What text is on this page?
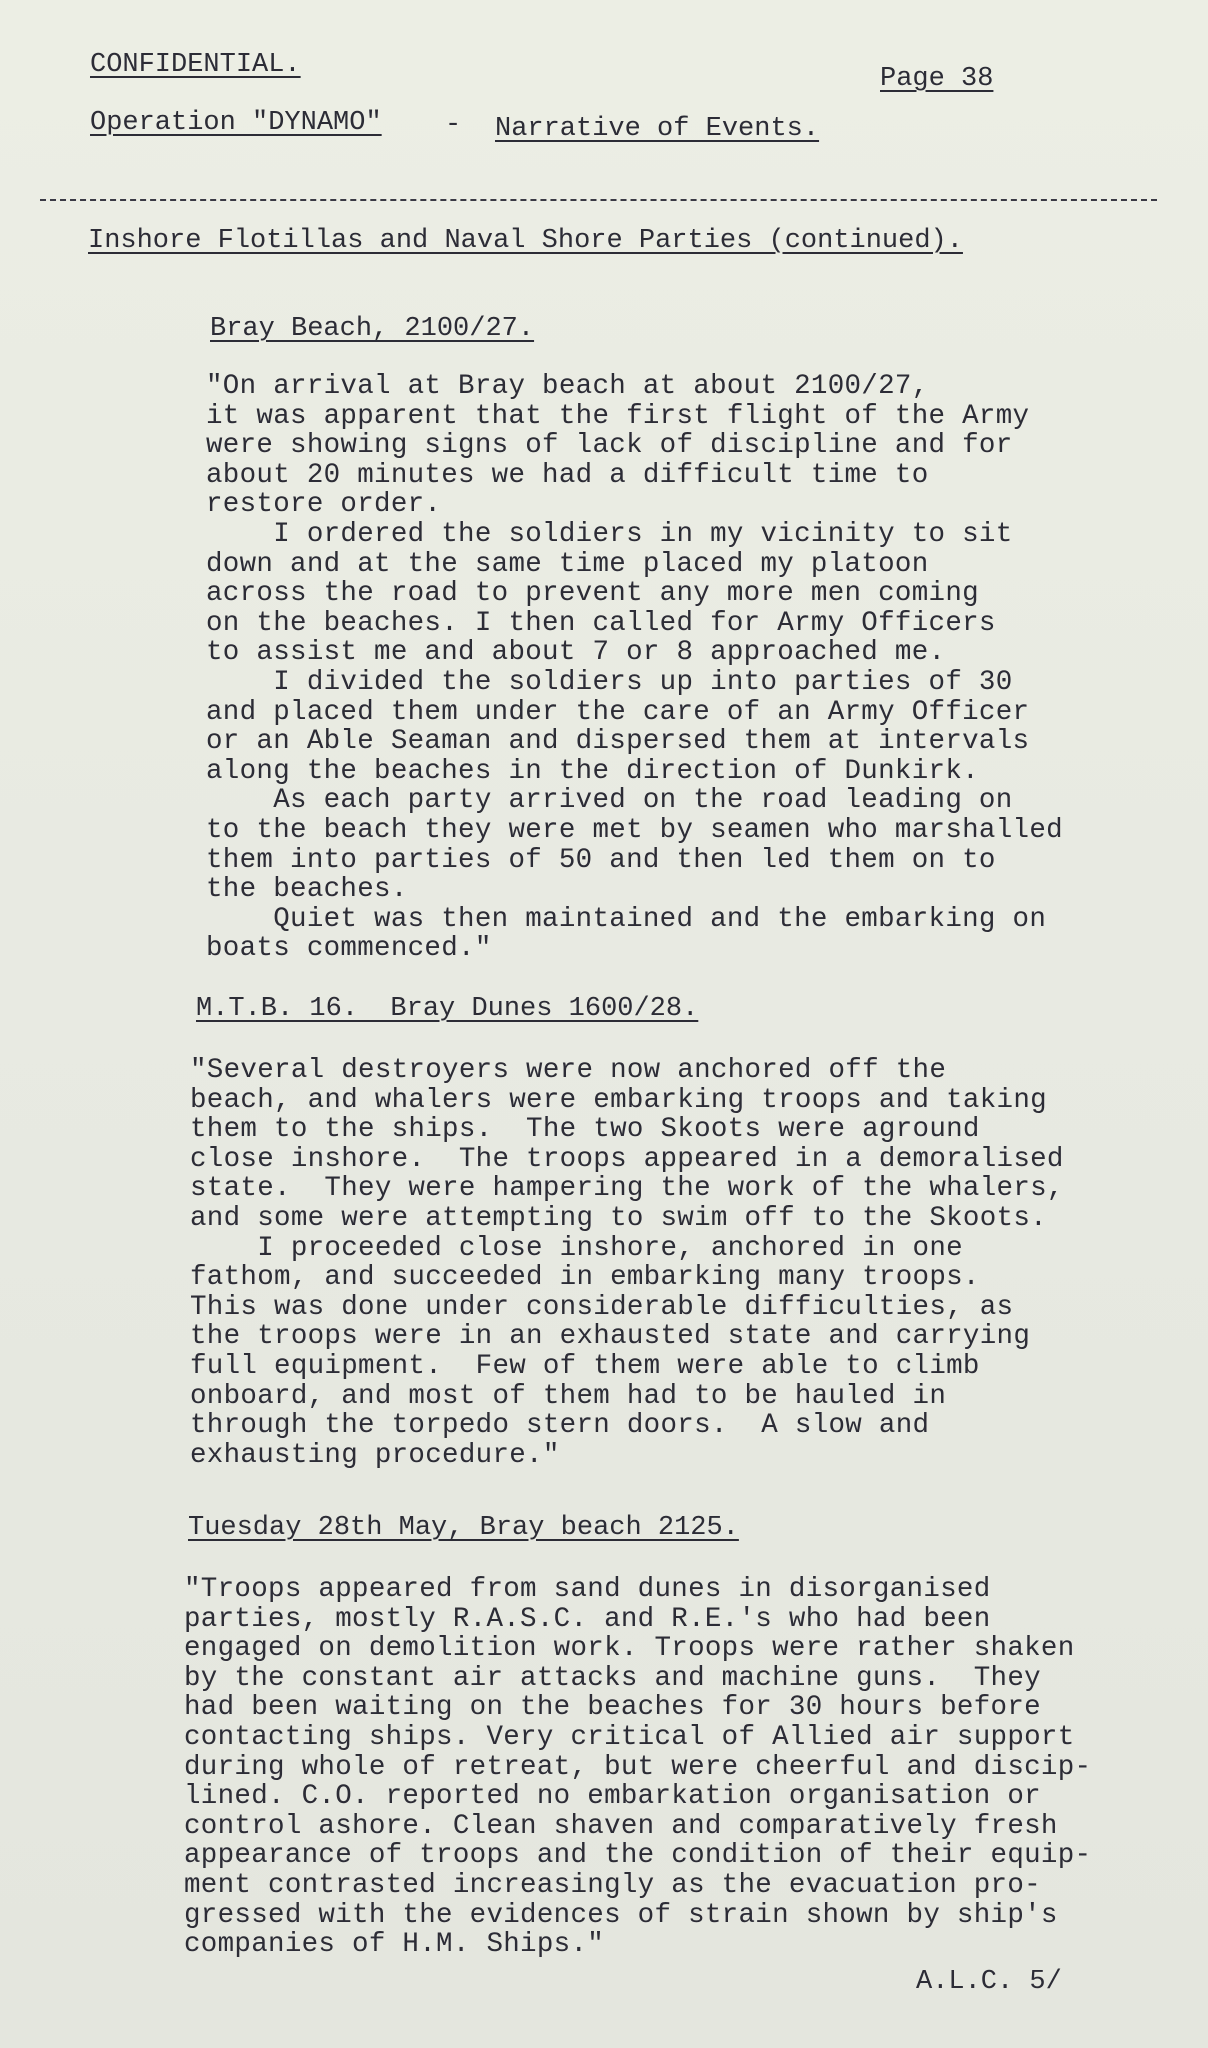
CONFIDENTIAL.	Page 38
Operation "DYNAMO" - Narrative of Events.
Inshore Flotillas and Naval Shore Parties (continued).
Bray Beach, 2100/27.
"On arrival at Bray beach at about 2100/27,
it was apparent that the first flight of the Army
were showing signs of lack of discipline and for
about 20 minutes we had a difficult time to
restore order.
I ordered the soldiers in my vicinity to sit
down and at the same time placed my platoon
across the road to prevent any more men coming
on the beaches. I then called for Army Officers
to assist me and about 7 or 8 approached me.
I divided the soldiers up into parties of 30
and placed them under the care of an Army Officer
or an Able Seaman and dispersed them at intervals
along the beaches in the direction of Dunkirk.
As each party arrived on the road leading on
to the beach they were met by seamen who marshalled
them into parties of 50 and then led them on to
the beaches.
Quiet was then maintained and the embarking on
boats commenced."
M.T.B. 16.  Bray Dunes 1600/28.
"Several destroyers were now anchored off the
beach, and whalers were embarking troops and taking
them to the ships.  The two Skoots were aground
close inshore.  The troops appeared in a demoralised
state.  They were hampering the work of the whalers,
and some were attempting to swim off to the Skoots.
I proceeded close inshore, anchored in one
fathom, and succeeded in embarking many troops.
This was done under considerable difficulties, as
the troops were in an exhausted state and carrying
full equipment.  Few of them were able to climb
onboard, and most of them had to be hauled in
through the torpedo stern doors.  A slow and
exhausting procedure."
Tuesday 28th May, Bray beach 2125.
"Troops appeared from sand dunes in disorganised
parties, mostly R.A.S.C. and R.E.'s who had been
engaged on demolition work. Troops were rather shaken
by the constant air attacks and machine guns.  They
had been waiting on the beaches for 30 hours before
contacting ships. Very critical of Allied air support
during whole of retreat, but were cheerful and discip-
lined. C.O. reported no embarkation organisation or
control ashore. Clean shaven and comparatively fresh
appearance of troops and the condition of their equip-
ment contrasted increasingly as the evacuation pro-
gressed with the evidences of strain shown by ship's
companies of H.M. Ships."
A.L.C. 5/
